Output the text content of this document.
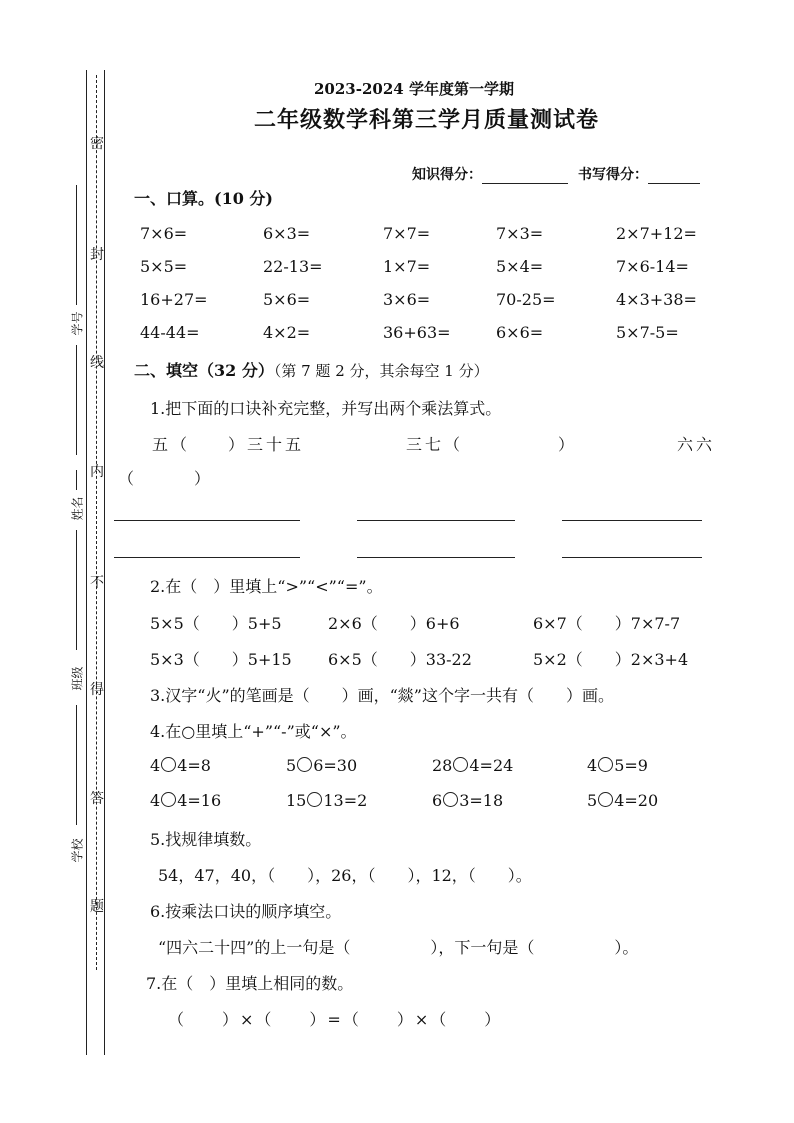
密
封
线
内
不
得
答
题
学号
姓名
班级
学校
2023-2024 学年度第一学期
二年级数学科第三学月质量测试卷
知识得分：	书写得分：
一、口算。(10 分)
7×6=	6×3=	7×7=	7×3=	2×7+12=
5×5=	22-13=	1×7=	5×4=	7×6-14=
16+27=	5×6=	3×6=	70-25=	4×3+38=
44-44=	4×2=	36+63=	6×6=	5×7-5=
二、填空（32 分）（第 7 题 2 分，其余每空 1 分）
1.把下面的口诀补充完整，并写出两个乘法算式。
五（　　）三十五	三七（　　　　　）	六六
（　　　）
2.在（　）里填上“>”“<”“=”。
5×5（　　）5+5	2×6（　　）6+6	6×7（　　）7×7-7
5×3（　　）5+15 6×5（　　）33-22	5×2（　　）2×3+4
3.汉字“火”的笔画是（　　）画，“燚”这个字一共有（　　）画。
4.在○里填上“+”“-”或“×”。
4 4=8	5 6=30	28 4=24	4 5=9
4 4=16	15 13=2	6 3=18	5 4=20
5.找规律填数。
54，47，40，（　　），26，（　　），12，（　　）。
6.按乘法口诀的顺序填空。
“四六二十四”的上一句是（　　　　　），下一句是（　　　　　）。
7.在（　）里填上相同的数。
（　　）×（　　）=（　　）×（　　）
